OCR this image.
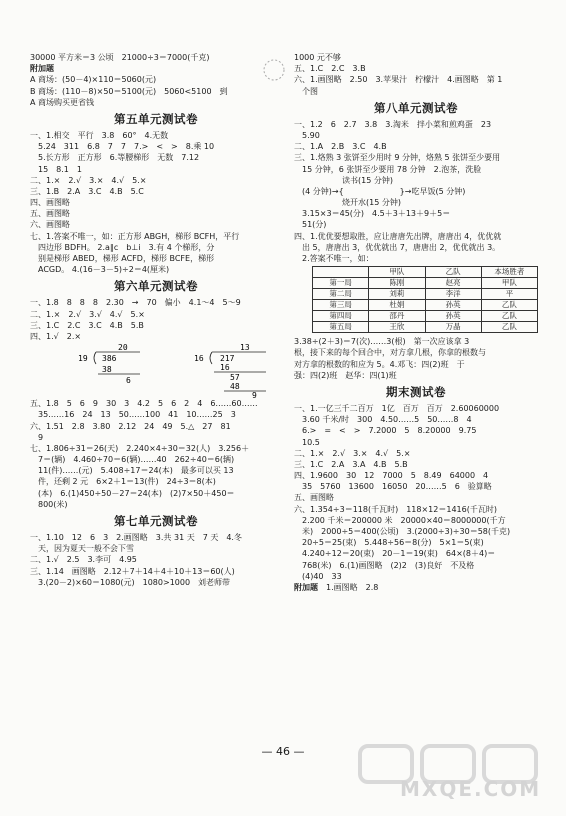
30000 平方米＝3 公顷　21000÷3＝7000(千克)
附加题
A 商场：(50－4)×110＝5060(元)
B 商场：(110－8)×50＝5100(元)　5060<5100　到
A 商场购买更省钱
第五单元测试卷
一、1.相交　平行　3.8　60°　4.无数
　5.24　311　6.8　7　7　7.>　<　>　8.乘 10
　5.长方形　正方形　6.等腰梯形　无数　7.12
　15　8.1　1
二、1.×　2.√　3.×　4.√　5.×
三、1.B　2.A　3.C　4.B　5.C
四、画图略
五、画图略
六、画图略
七、1.答案不唯一，如：正方形 ABGH，梯形 BCFH，平行
　四边形 BDFH。 2.a∥c　b⊥i　3.有 4 个梯形，分
　别是梯形 ABED，梯形 ACFD，梯形 BCFE，梯形
　ACGD。 4.(16－3－5)÷2＝4(厘米)
第六单元测试卷
一、1.8　8　8　8　2.30　→　70　偏小　4.1～4　5～9
二、1.×　2.√　3.√　4.√　5.×
三、1.C　2.C　3.C　4.B　5.B
四、1.√　2.×
20
19 386
38
6
13
16 217
16
57
48
9
五、1.8　5　6　9　30　3　4.2　5　6　2　4　6……60……
　35……16　24　13　50……100　41　10……25　3
六、1.51　2.8　3.80　2.12　24　49　5.△　27　81
　9
七、1.806÷31＝26(天)　2.240×4÷30＝32(人)　3.256＋
　7＝(辆)　4.460÷70＝6(辆)……40　262÷40＝6(辆)
　11(件)……(元)　5.408÷17＝24(本)　最多可以买 13
　件，还剩 2 元　6×2＋1＝13(件)　24÷3＝8(本)
　(本)　6.(1)450÷50－27＝24(本)　(2)7×50＋450＝
　800(米)
第七单元测试卷
一、1.10　12　6　3　2.画图略　3.共 31 天　7 天　4.冬
　天，因为夏天一般不会下雪
二、1.√　2.5　3.李可　4.95
三、1.14　画图略　2.12＋7＋14＋4＋10＋13＝60(人)
　3.(20－2)×60＝1080(元)　1080>1000　刘老师带
1000 元不够
五、1.C　2.C　3.B
六、1.画图略　2.50　3.苹果汁　柠檬汁　4.画图略　第 1
　个图
第八单元测试卷
一、1.2　6　2.7　3.8　3.淘米　拌小菜和煎鸡蛋　23
　5.90
二、1.A　2.B　3.C　4.B
三、1.烙熟 3 张饼至少用时 9 分钟，烙熟 5 张饼至少要用
　15 分钟，6 张饼至少要用 78 分钟　2.泡茶，洗脸
　　　　　　读书(15 分钟)
　(4 分钟)→{　　　　　　　}→吃早饭(5 分钟)
　　　　　　烧开水(15 分钟)
　3.15×3＝45(分)　4.5＋3＋13＋9＋5＝
　51(分)
四、1.优优要想取胜，应让唐唐先出牌，唐唐出 4，优优就
　出 5，唐唐出 3，优优就出 7，唐唐出 2，优优就出 3。
　2.答案不唯一，如：
	甲队	乙队	本场胜者
第一局	陈刚	赵亮	甲队
第二局	刘莉	李洋	平
第三局	杜娟	孙英	乙队
第四局	邵丹	孙英	乙队
第五局	王欣	万晶	乙队
3.38÷(2＋3)＝7(次)……3(根)　第一次应该拿 3
根，接下来的每个回合中，对方拿几根，你拿的根数与
对方拿的根数的和应为 5。4.邓飞：四(2)班　于
强：四(2)班　赵华：四(1)班
期末测试卷
一、1.一亿三千二百万　1亿　百万　百万　2.60060000
　3.60 千米/时　300　4.50……5　50……8　4
　6.>　=　<　>　7.2000　5　8.20000　9.75
　10.5
二、1.×　2.√　3.×　4.√　5.×
三、1.C　2.A　3.A　4.B　5.B
四、1.9600　30　12　7000　5　8.49　64000　4
　35　5760　13600　16050　20……5　6　验算略
五、画图略
六、1.354÷3＝118(千瓦时)　118×12＝1416(千瓦时)
　2.200 千米＝200000 米　20000×40＝8000000(千方
　米)　2000÷5＝400(公顷)　3.(2000÷3)÷30＝58(千克)
　20÷5＝25(束)　5.448÷56＝8(分)　5×1＝5(束)
　4.240÷12＝20(束)　20－1＝19(束)　64×(8＋4)＝
　768(米)　6.(1)画图略　(2)2　(3)良好　不及格
　(4)40　33
附加题　 1.画图略　2.8
— 46 —
MXQE.COM
